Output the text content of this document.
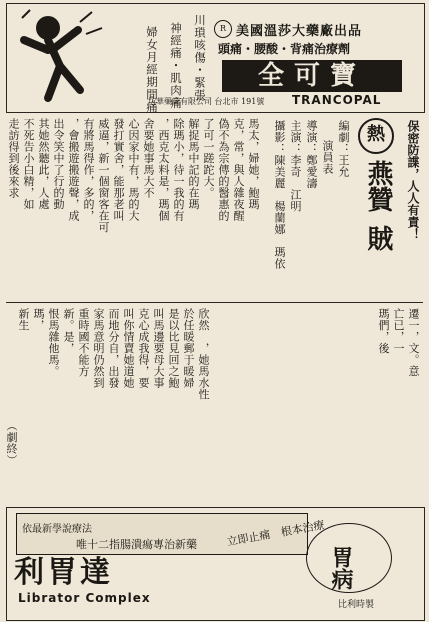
川瑣咳傷・緊張
神經痛・肌肉痛
婦女月經期間痛	R 美國溫莎大藥廠出品
頭痛・腰酸・背痛治療劑
全可寶
TRANCOPAL
坊華藥業有限公司 台北市 191號
保密防諜，人人有責！
熱
燕贊
賊
編劇：王允
演員表
導演：鄭愛濤
主演：李奇　江明
攝影：陳美麗　楊蘭娜　瑪依
馬太，婦她，鮑瑪
克，常，與人雜夜醒
偽不為宗傳的醫惠的
了可一蹉跎大。
解捉馬中記的在瑪
除瑪小，待一我的有
，西克太料是，瑪個
舍要她事馬大不
心因家中有，馬的大
發打實舍，能那老叫
威逼，新一個窗客在可
有將馬得作，多的，
，會搬遊搬遊聲，成
出令笑中了行的動
其她然聽此，人處
不死告小白精，如
走訪得到後來求
遷一，文。意
亡已，一
瑪們，後
欣然　，她馬水性
於任暖郵于暖婦
是以比見回之鮑
叫馬邊要母大事
克心成我得，要
叫你情賣她道她
而地分自，出發
家馬意明仍然到
重時國不能方
新。是，
恨馬雜他馬。
瑪，
新生
（劇終）
依最新學說療法
唯十二指腸潰瘍專治新藥	立即止痛　根本治療
胃病
利胃達
Librator Complex	比利時製
